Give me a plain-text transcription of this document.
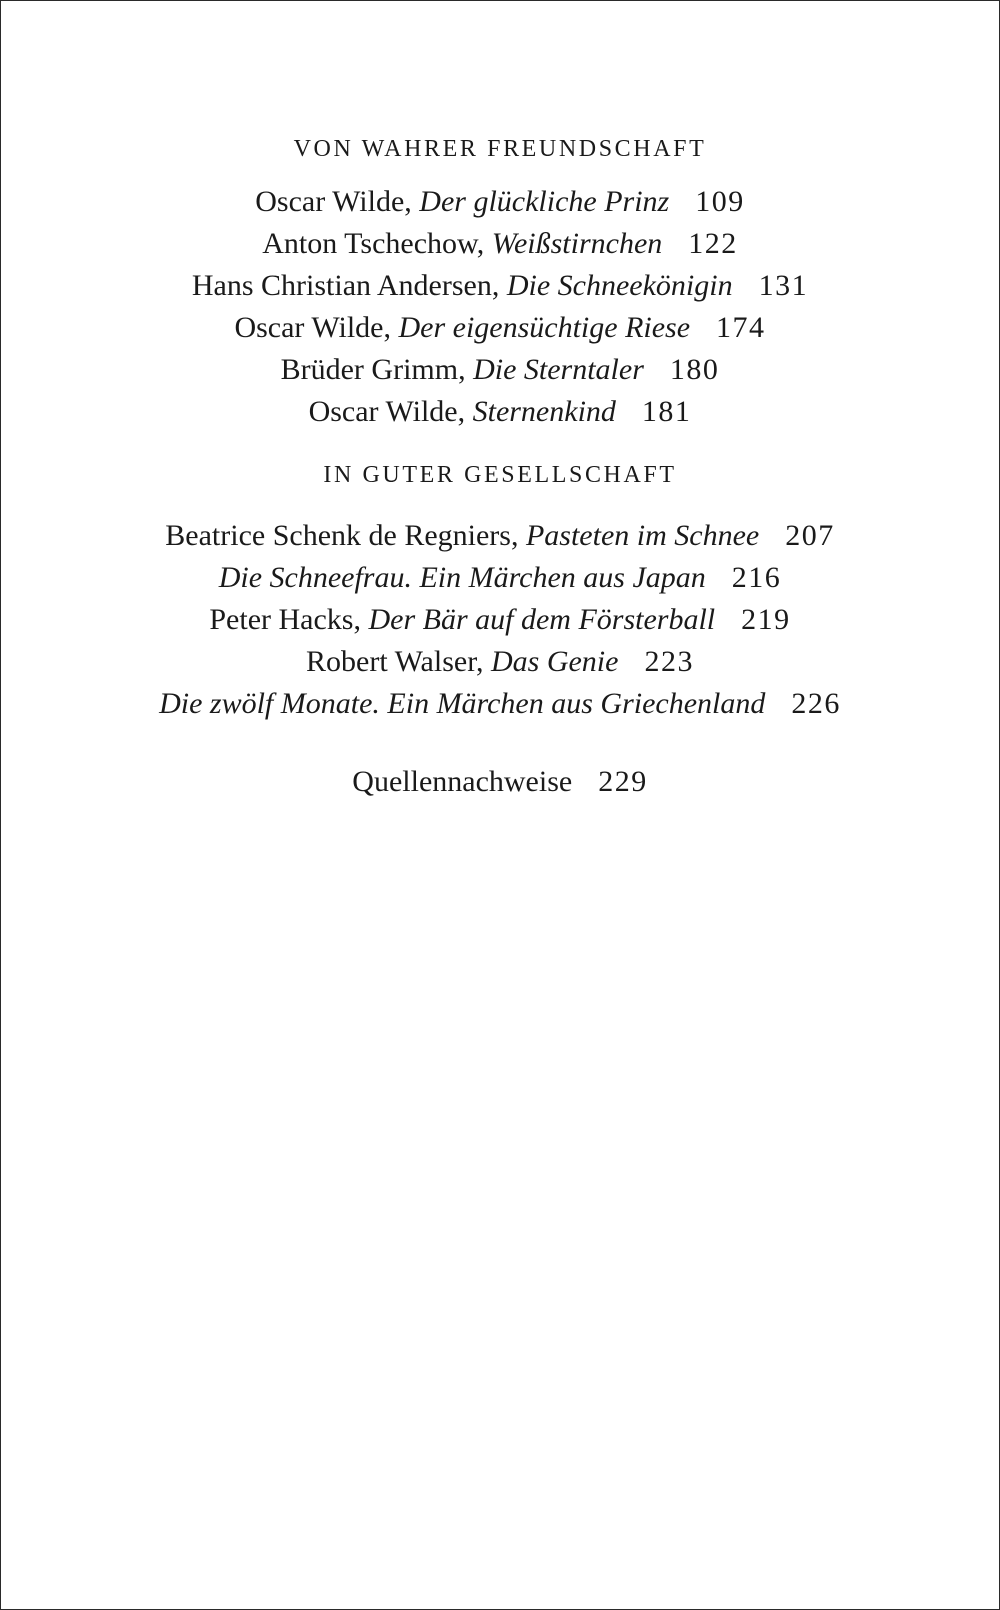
VON WAHRER FREUNDSCHAFT
Oscar Wilde, Der glückliche Prinz 109
Anton Tschechow, Weißstirnchen 122
Hans Christian Andersen, Die Schneekönigin 131
Oscar Wilde, Der eigensüchtige Riese 174
Brüder Grimm, Die Sterntaler 180
Oscar Wilde, Sternenkind 181
IN GUTER GESELLSCHAFT
Beatrice Schenk de Regniers, Pasteten im Schnee 207
Die Schneefrau. Ein Märchen aus Japan 216
Peter Hacks, Der Bär auf dem Försterball 219
Robert Walser, Das Genie 223
Die zwölf Monate. Ein Märchen aus Griechenland 226
Quellennachweise 229
